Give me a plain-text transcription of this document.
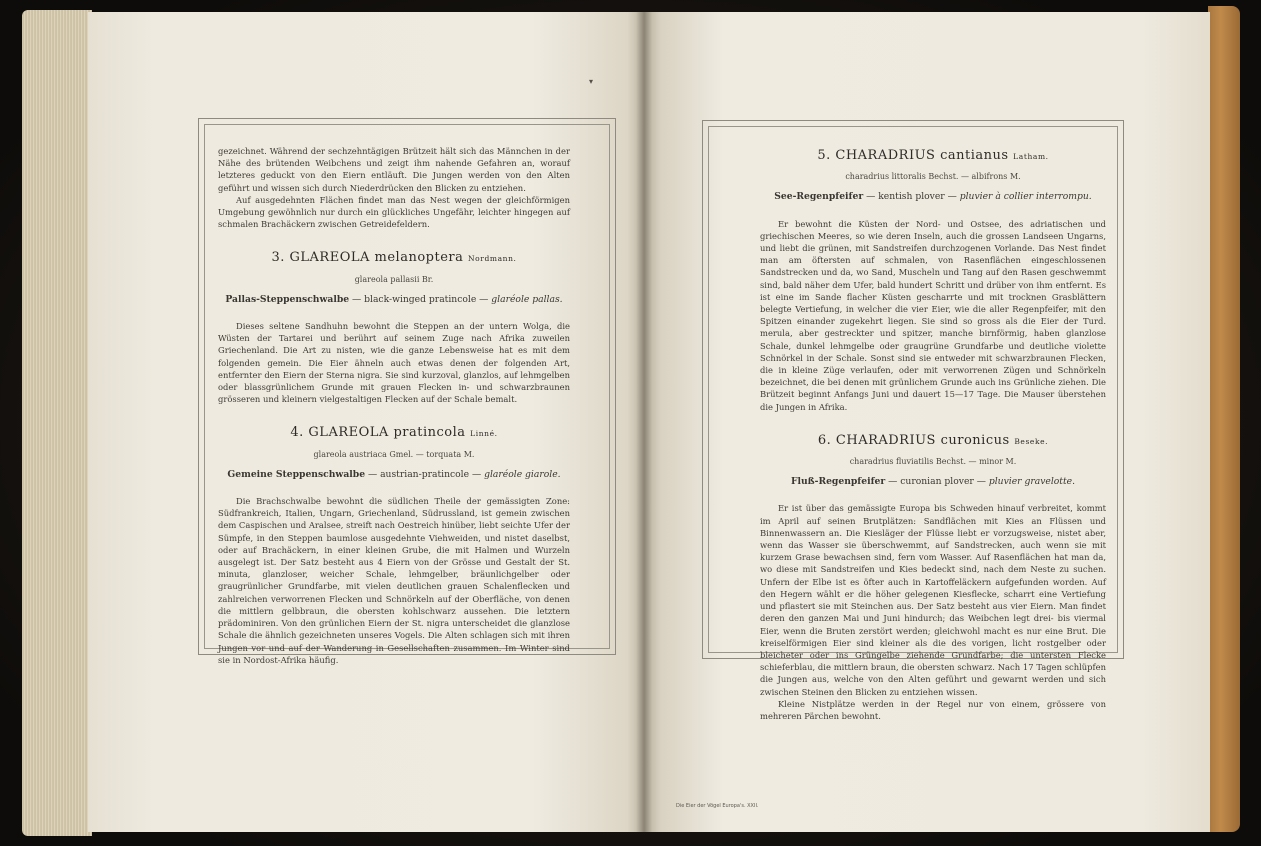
▾

gezeichnet. Während der sechzehntägigen Brützeit hält sich das Männchen in der Nähe des brütenden Weibchens und zeigt ihm nahende Gefahren an, worauf letzteres geduckt von den Eiern entläuft. Die Jungen werden von den Alten geführt und wissen sich durch Niederdrücken den Blicken zu entziehen.

Auf ausgedehnten Flächen findet man das Nest wegen der gleichförmigen Umgebung gewöhnlich nur durch ein glückliches Ungefähr, leichter hingegen auf schmalen Brachäckern zwischen Getreidefeldern.

3. GLAREOLA melanoptera Nordmann.

glareola pallasii Br.

Pallas-Steppenschwalbe — black-winged pratincole — glaréole pallas.

Dieses seltene Sandhuhn bewohnt die Steppen an der untern Wolga, die Wüsten der Tartarei und berührt auf seinem Zuge nach Afrika zuweilen Griechenland. Die Art zu nisten, wie die ganze Lebensweise hat es mit dem folgenden gemein. Die Eier ähneln auch etwas denen der folgenden Art, entfernter den Eiern der Sterna nigra. Sie sind kurzoval, glanzlos, auf lehmgelben oder blassgrünlichem Grunde mit grauen Flecken in- und schwarzbraunen grösseren und kleinern vielgestaltigen Flecken auf der Schale bemalt.

4. GLAREOLA pratincola Linné.

glareola austriaca Gmel. — torquata M.

Gemeine Steppenschwalbe — austrian-pratincole — glaréole giarole.

Die Brachschwalbe bewohnt die südlichen Theile der gemässigten Zone: Südfrankreich, Italien, Ungarn, Griechenland, Südrussland, ist gemein zwischen dem Caspischen und Aralsee, streift nach Oestreich hinüber, liebt seichte Ufer der Sümpfe, in den Steppen baumlose ausgedehnte Viehweiden, und nistet daselbst, oder auf Brachäckern, in einer kleinen Grube, die mit Halmen und Wurzeln ausgelegt ist. Der Satz besteht aus 4 Eiern von der Grösse und Gestalt der St. minuta, glanzloser, weicher Schale, lehmgelber, bräunlichgelber oder graugrünlicher Grundfarbe, mit vielen deutlichen grauen Schalenflecken und zahlreichen verworrenen Flecken und Schnörkeln auf der Oberfläche, von denen die mittlern gelbbraun, die obersten kohlschwarz aussehen. Die letztern prädominiren. Von den grünlichen Eiern der St. nigra unterscheidet die glanzlose Schale die ähnlich gezeichneten unseres Vogels. Die Alten schlagen sich mit ihren Jungen vor und auf der Wanderung in Gesellschaften zusammen. Im Winter sind sie in Nordost-Afrika häufig.

5. CHARADRIUS cantianus Latham.

charadrius littoralis Bechst. — albifrons M.

See-Regenpfeifer — kentish plover — pluvier à collier interrompu.

Er bewohnt die Küsten der Nord- und Ostsee, des adriatischen und griechischen Meeres, so wie deren Inseln, auch die grossen Landseen Ungarns, und liebt die grünen, mit Sandstreifen durchzogenen Vorlande. Das Nest findet man am öftersten auf schmalen, von Rasenflächen eingeschlossenen Sandstrecken und da, wo Sand, Muscheln und Tang auf den Rasen geschwemmt sind, bald näher dem Ufer, bald hundert Schritt und drüber von ihm entfernt. Es ist eine im Sande flacher Küsten gescharrte und mit trocknen Grasblättern belegte Vertiefung, in welcher die vier Eier, wie die aller Regenpfeifer, mit den Spitzen einander zugekehrt liegen. Sie sind so gross als die Eier der Turd. merula, aber gestreckter und spitzer, manche birnförmig, haben glanzlose Schale, dunkel lehmgelbe oder graugrüne Grundfarbe und deutliche violette Schnörkel in der Schale. Sonst sind sie entweder mit schwarzbraunen Flecken, die in kleine Züge verlaufen, oder mit verworrenen Zügen und Schnörkeln bezeichnet, die bei denen mit grünlichem Grunde auch ins Grünliche ziehen. Die Brützeit beginnt Anfangs Juni und dauert 15—17 Tage. Die Mauser überstehen die Jungen in Afrika.

6. CHARADRIUS curonicus Beseke.

charadrius fluviatilis Bechst. — minor M.

Fluß-Regenpfeifer — curonian plover — pluvier gravelotte.

Er ist über das gemässigte Europa bis Schweden hinauf verbreitet, kommt im April auf seinen Brutplätzen: Sandflächen mit Kies an Flüssen und Binnenwassern an. Die Kiesläger der Flüsse liebt er vorzugsweise, nistet aber, wenn das Wasser sie überschwemmt, auf Sandstrecken, auch wenn sie mit kurzem Grase bewachsen sind, fern vom Wasser. Auf Rasenflächen hat man da, wo diese mit Sandstreifen und Kies bedeckt sind, nach dem Neste zu suchen. Unfern der Elbe ist es öfter auch in Kartoffeläckern aufgefunden worden. Auf den Hegern wählt er die höher gelegenen Kiesflecke, scharrt eine Vertiefung und pflastert sie mit Steinchen aus. Der Satz besteht aus vier Eiern. Man findet deren den ganzen Mai und Juni hindurch; das Weibchen legt drei- bis viermal Eier, wenn die Bruten zerstört werden; gleichwohl macht es nur eine Brut. Die kreiselförmigen Eier sind kleiner als die des vorigen, licht rostgelber oder bleicheter oder ins Grüngelbe ziehende Grundfarbe; die untersten Flecke schieferblau, die mittlern braun, die obersten schwarz. Nach 17 Tagen schlüpfen die Jungen aus, welche von den Alten geführt und gewarnt werden und sich zwischen Steinen den Blicken zu entziehen wissen.

Kleine Nistplätze werden in der Regel nur von einem, grössere von mehreren Pärchen bewohnt.

Die Eier der Vögel Europa's. XXII.
